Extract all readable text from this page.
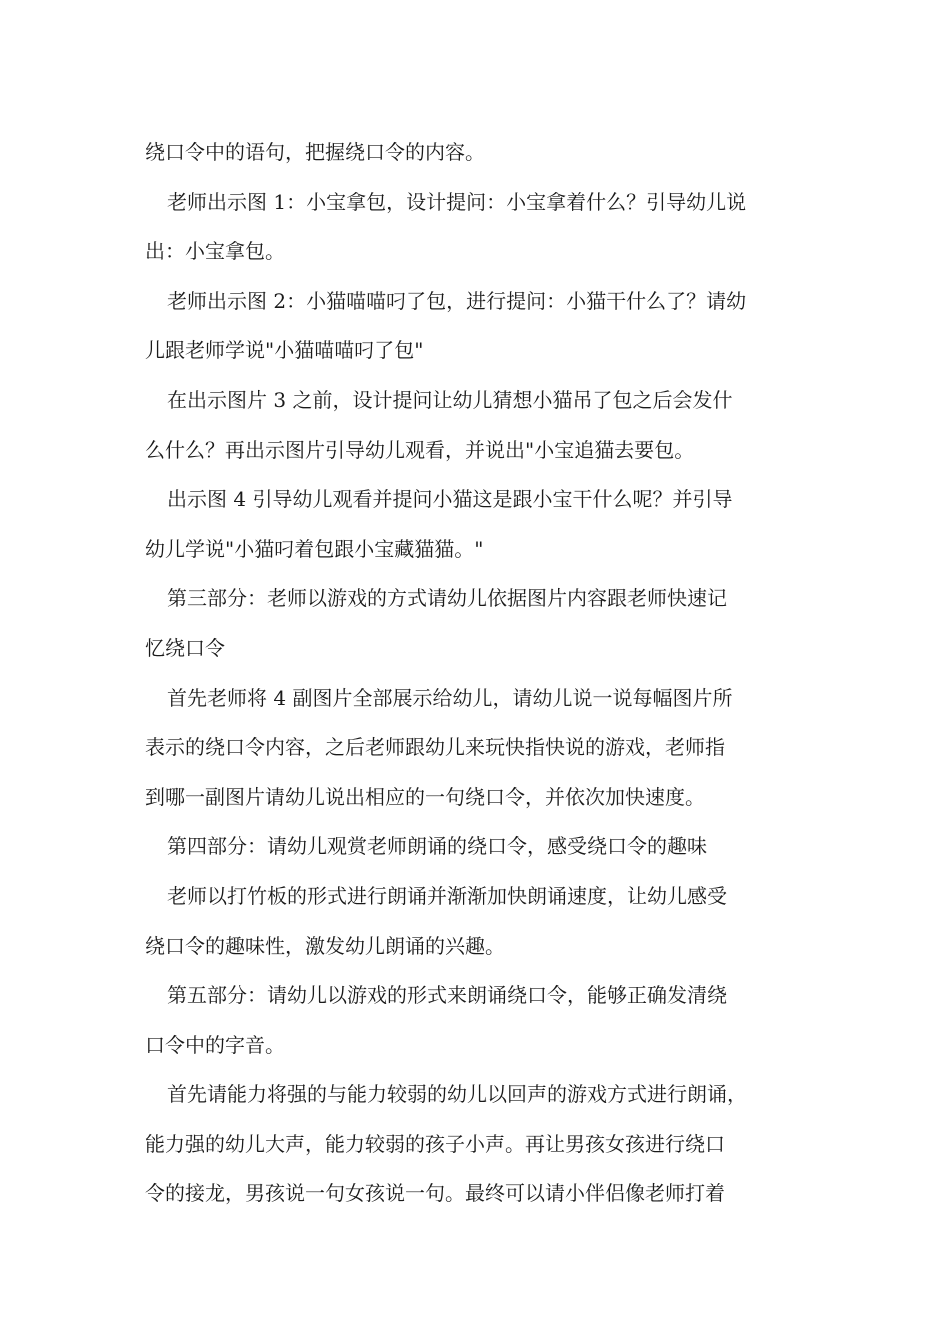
绕口令中的语句，把握绕口令的内容。
老师出示图 1：小宝拿包，设计提问：小宝拿着什么？引导幼儿说
出：小宝拿包。
老师出示图 2：小猫喵喵叼了包，进行提问：小猫干什么了？请幼
儿跟老师学说"小猫喵喵叼了包"
在出示图片 3 之前，设计提问让幼儿猜想小猫吊了包之后会发什
么什么？再出示图片引导幼儿观看，并说出"小宝追猫去要包。
出示图 4 引导幼儿观看并提问小猫这是跟小宝干什么呢？并引导
幼儿学说"小猫叼着包跟小宝藏猫猫。"
第三部分：老师以游戏的方式请幼儿依据图片内容跟老师快速记
忆绕口令
首先老师将 4 副图片全部展示给幼儿，请幼儿说一说每幅图片所
表示的绕口令内容，之后老师跟幼儿来玩快指快说的游戏，老师指
到哪一副图片请幼儿说出相应的一句绕口令，并依次加快速度。
第四部分：请幼儿观赏老师朗诵的绕口令，感受绕口令的趣味
老师以打竹板的形式进行朗诵并渐渐加快朗诵速度，让幼儿感受
绕口令的趣味性，激发幼儿朗诵的兴趣。
第五部分：请幼儿以游戏的形式来朗诵绕口令，能够正确发清绕
口令中的字音。
首先请能力将强的与能力较弱的幼儿以回声的游戏方式进行朗诵，
能力强的幼儿大声，能力较弱的孩子小声。再让男孩女孩进行绕口
令的接龙，男孩说一句女孩说一句。最终可以请小伴侣像老师打着
